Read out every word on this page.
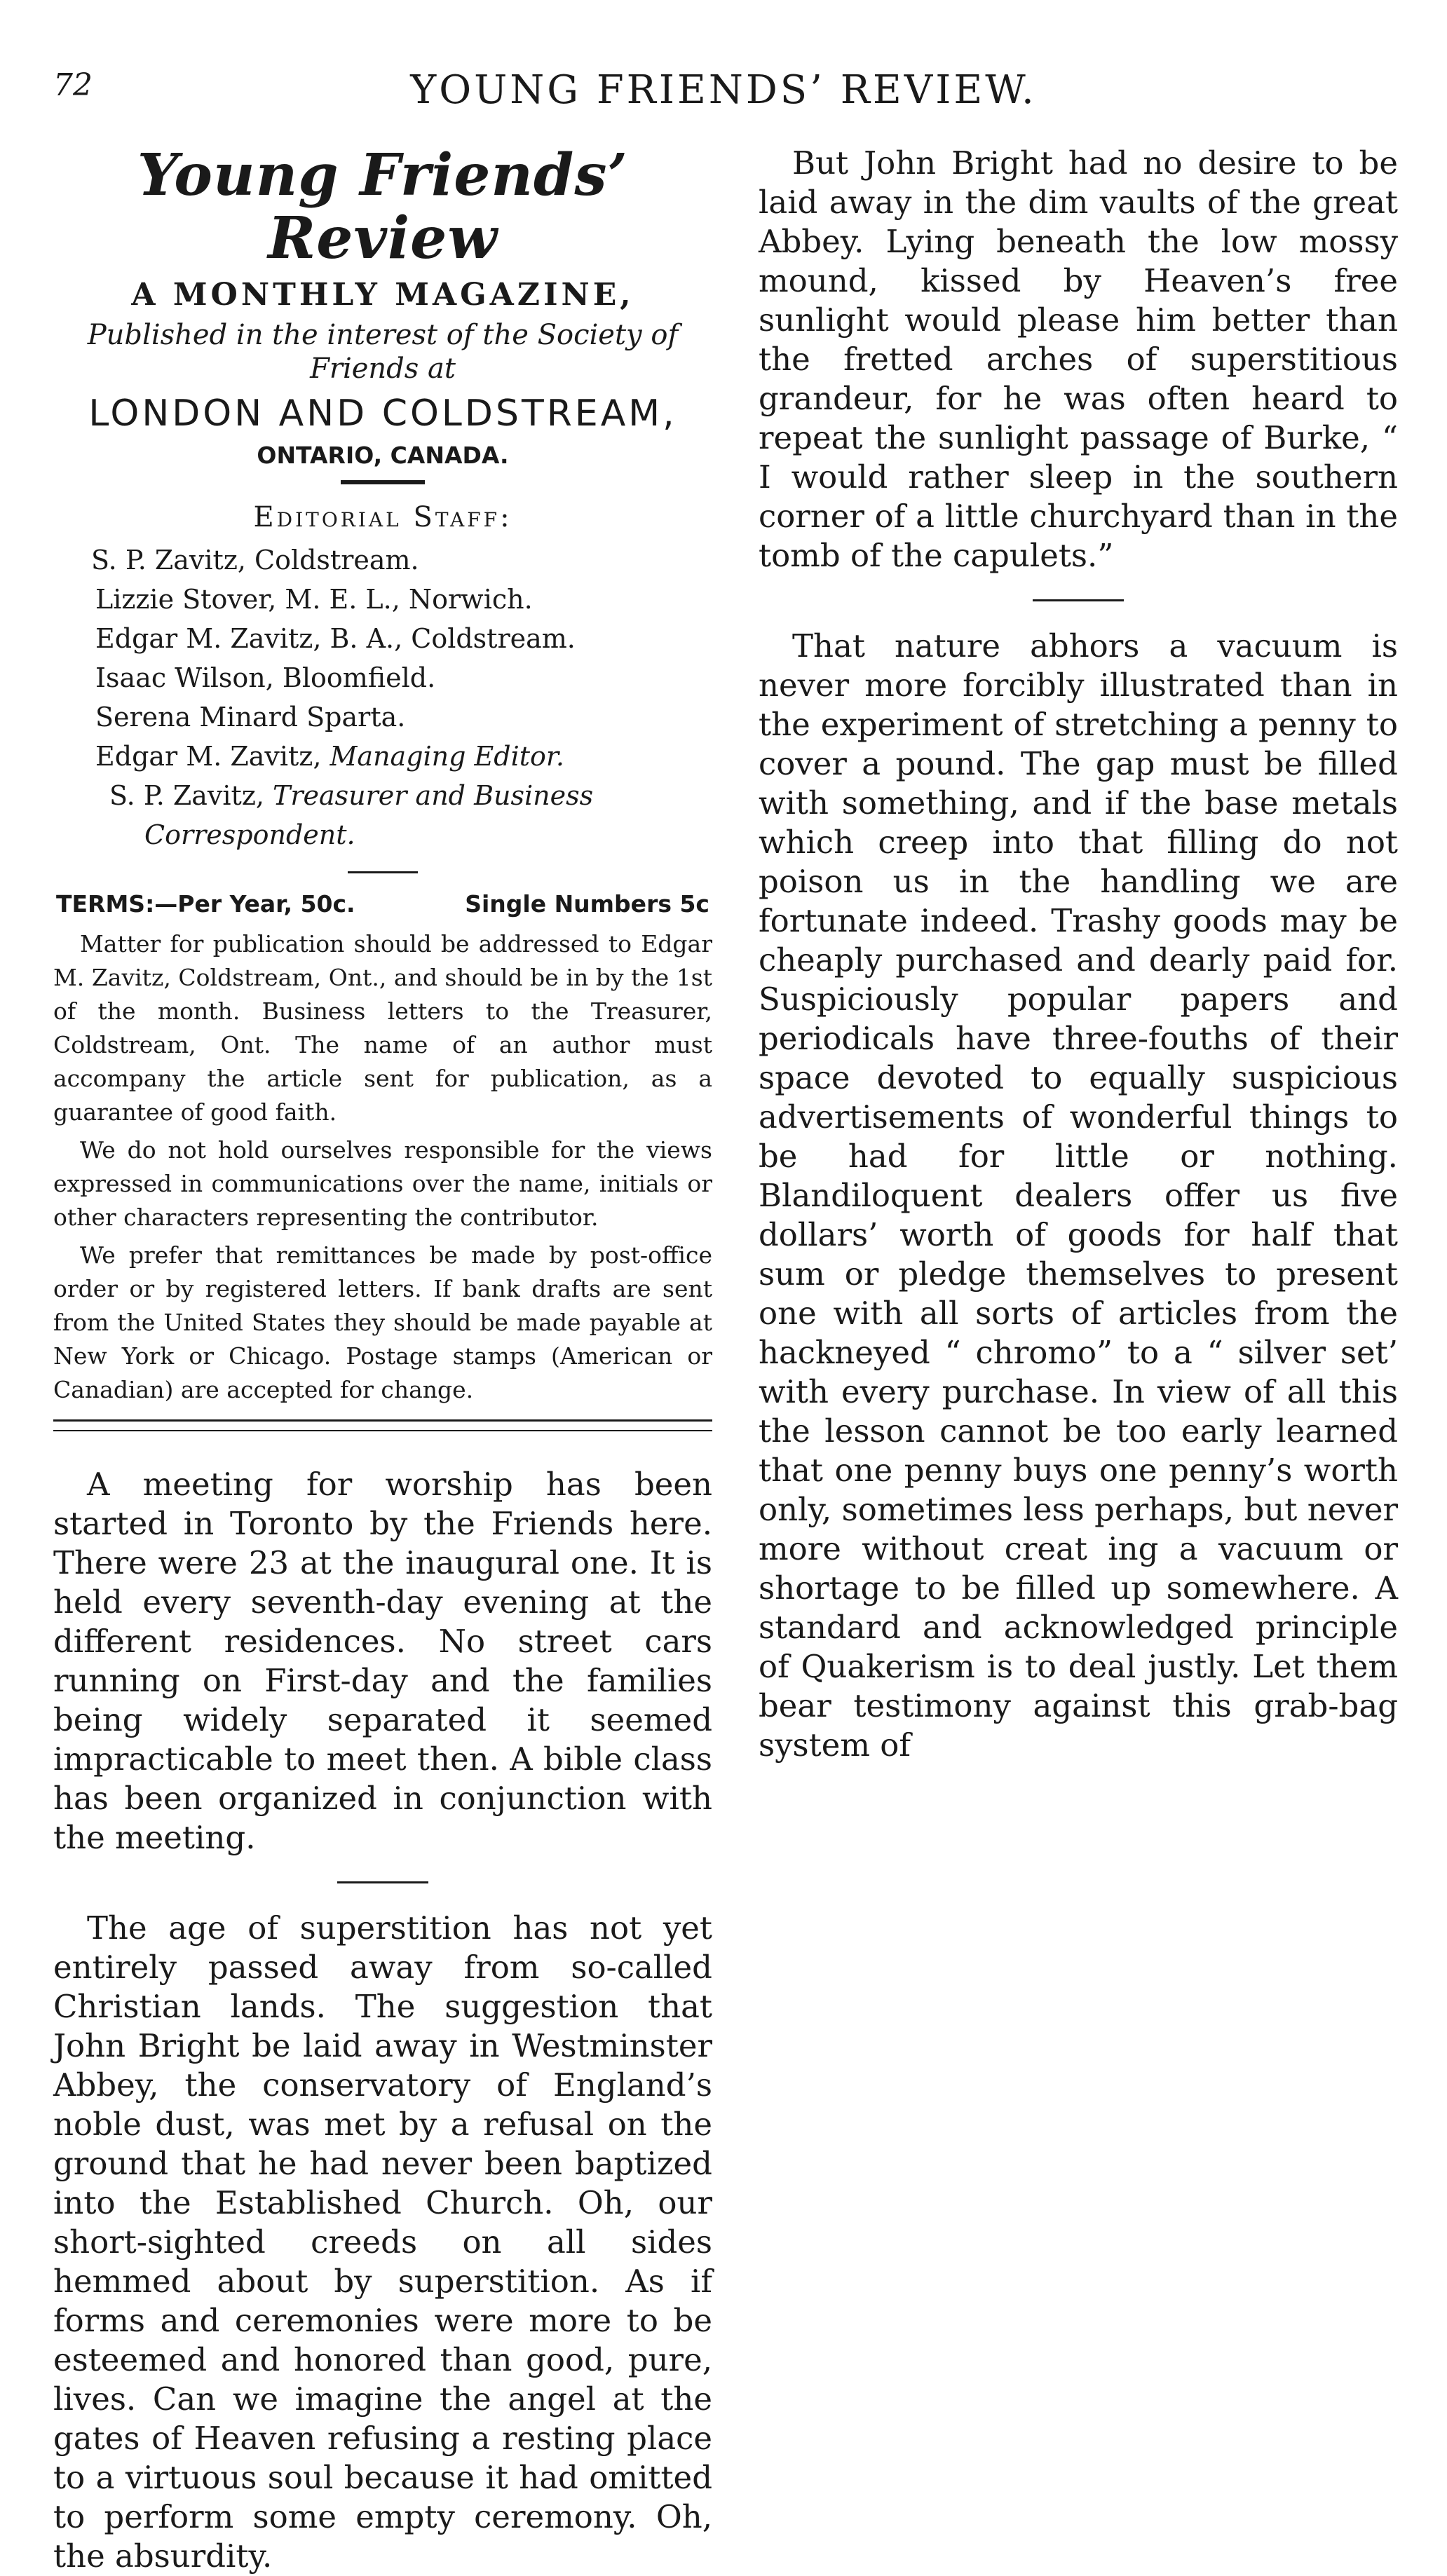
72	YOUNG FRIENDS’ REVIEW.
Young Friends’ Review
A MONTHLY MAGAZINE,
Published in the interest of the Society of Friends at
LONDON AND COLDSTREAM,
ONTARIO, CANADA.
Editorial Staff:
S. P. Zavitz, Coldstream.
Lizzie Stover, M. E. L., Norwich.
Edgar M. Zavitz, B. A., Coldstream.
Isaac Wilson, Bloomfield.
Serena Minard Sparta.
Edgar M. Zavitz, Managing Editor.
S. P. Zavitz, Treasurer and Business Correspondent.
TERMS:—Per Year, 50c.	Single Numbers 5c

Matter for publication should be addressed to Edgar M. Zavitz, Coldstream, Ont., and should be in by the 1st of the month. Business letters to the Treasurer, Coldstream, Ont. The name of an author must accompany the article sent for publication, as a guarantee of good faith.

We do not hold ourselves responsible for the views expressed in communications over the name, initials or other characters representing the contributor.

We prefer that remittances be made by post-office order or by registered letters. If bank drafts are sent from the United States they should be made payable at New York or Chicago. Postage stamps (American or Canadian) are accepted for change.

A meeting for worship has been started in Toronto by the Friends here. There were 23 at the inaugural one. It is held every seventh-day evening at the different residences. No street cars running on First-day and the families being widely separated it seemed impracticable to meet then. A bible class has been organized in conjunction with the meeting.

The age of superstition has not yet entirely passed away from so-called Christian lands. The suggestion that John Bright be laid away in Westminster Abbey, the conservatory of England’s noble dust, was met by a refusal on the ground that he had never been baptized into the Established Church. Oh, our short-sighted creeds on all sides hemmed about by superstition. As if forms and ceremonies were more to be esteemed and honored than good, pure, lives. Can we imagine the angel at the gates of Heaven refusing a resting place to a virtuous soul because it had omitted to perform some empty ceremony. Oh, the absurdity.

But John Bright had no desire to be laid away in the dim vaults of the great Abbey. Lying beneath the low mossy mound, kissed by Heaven’s free sunlight would please him better than the fretted arches of superstitious grandeur, for he was often heard to repeat the sunlight passage of Burke, “ I would rather sleep in the southern corner of a little churchyard than in the tomb of the capulets.”

That nature abhors a vacuum is never more forcibly illustrated than in the experiment of stretching a penny to cover a pound. The gap must be filled with something, and if the base metals which creep into that filling do not poison us in the handling we are fortunate indeed. Trashy goods may be cheaply purchased and dearly paid for. Suspiciously popular papers and periodicals have three-fouths of their space devoted to equally suspicious advertisements of wonderful things to be had for little or nothing. Blandiloquent dealers offer us five dollars’ worth of goods for half that sum or pledge themselves to present one with all sorts of articles from the hackneyed “ chromo” to a “ silver set’ with every purchase. In view of all this the lesson cannot be too early learned that one penny buys one penny’s worth only, sometimes less perhaps, but never more without creat ing a vacuum or shortage to be filled up somewhere. A standard and acknowledged principle of Quakerism is to deal justly. Let them bear testimony against this grab-bag system of
